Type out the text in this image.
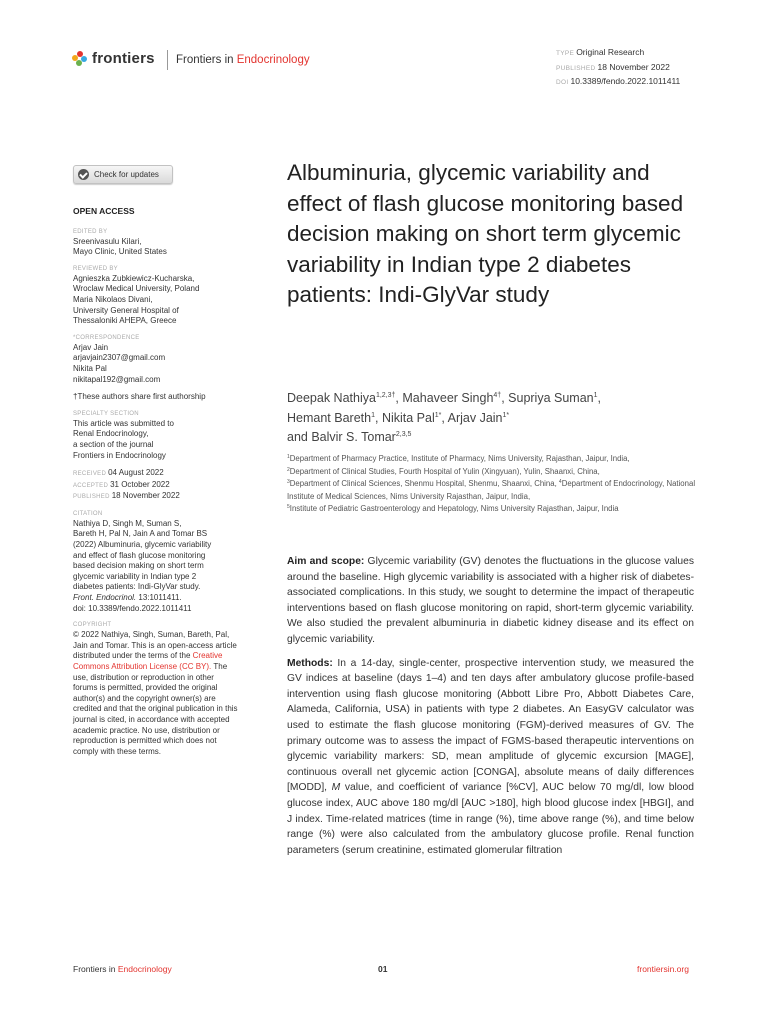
frontiers	Frontiers in Endocrinology
TYPE Original Research
PUBLISHED 18 November 2022
DOI 10.3389/fendo.2022.1011411
Check for updates
OPEN ACCESS
EDITED BY

Sreenivasulu Kilari,

Mayo Clinic, United States

REVIEWED BY

Agnieszka Zubkiewicz-Kucharska,

Wroclaw Medical University, Poland

Maria Nikolaos Divani,

University General Hospital of

Thessaloniki AHEPA, Greece

*CORRESPONDENCE

Arjav Jain

arjavjain2307@gmail.com

Nikita Pal

nikitapal192@gmail.com

†These authors share first authorship

SPECIALTY SECTION

This article was submitted to

Renal Endocrinology,

a section of the journal

Frontiers in Endocrinology

RECEIVED 04 August 2022

ACCEPTED 31 October 2022

PUBLISHED 18 November 2022

CITATION

Nathiya D, Singh M, Suman S,

Bareth H, Pal N, Jain A and Tomar BS

(2022) Albuminuria, glycemic variability

and effect of flash glucose monitoring

based decision making on short term

glycemic variability in Indian type 2

diabetes patients: Indi-GlyVar study.

Front. Endocrinol. 13:1011411.

doi: 10.3389/fendo.2022.1011411

COPYRIGHT

© 2022 Nathiya, Singh, Suman, Bareth, Pal, Jain and Tomar. This is an open-access article distributed under the terms of the Creative Commons Attribution License (CC BY). The use, distribution or reproduction in other forums is permitted, provided the original author(s) and the copyright owner(s) are credited and that the original publication in this journal is cited, in accordance with accepted academic practice. No use, distribution or reproduction is permitted which does not comply with these terms.

Albuminuria, glycemic variability and effect of flash glucose monitoring based decision making on short term glycemic variability in Indian type 2 diabetes patients: Indi-GlyVar study
Deepak Nathiya$^{1,2,3\dagger}$, Mahaveer Singh$^{4\dagger}$, Supriya Suman$^1$,
Hemant Bareth$^1$, Nikita Pal$^{1*}$, Arjav Jain$^{1*}$
and Balvir S. Tomar$^{2,3,5}$
$^1$Department of Pharmacy Practice, Institute of Pharmacy, Nims University, Rajasthan, Jaipur, India,
$^2$Department of Clinical Studies, Fourth Hospital of Yulin (Xingyuan), Yulin, Shaanxi, China,
$^3$Department of Clinical Sciences, Shenmu Hospital, Shenmu, Shaanxi, China, $^4$Department of Endocrinology, National Institute of Medical Sciences, Nims University Rajasthan, Jaipur, India,
$^5$Institute of Pediatric Gastroenterology and Hepatology, Nims University Rajasthan, Jaipur, India

Aim and scope: Glycemic variability (GV) denotes the fluctuations in the glucose values around the baseline. High glycemic variability is associated with a higher risk of diabetes-associated complications. In this study, we sought to determine the impact of therapeutic interventions based on flash glucose monitoring on rapid, short-term glycemic variability. We also studied the prevalent albuminuria in diabetic kidney disease and its effect on glycemic variability.

Methods: In a 14-day, single-center, prospective intervention study, we measured the GV indices at baseline (days 1–4) and ten days after ambulatory glucose profile-based intervention using flash glucose monitoring (Abbott Libre Pro, Abbott Diabetes Care, Alameda, California, USA) in patients with type 2 diabetes. An EasyGV calculator was used to estimate the flash glucose monitoring (FGM)-derived measures of GV. The primary outcome was to assess the impact of FGMS-based therapeutic interventions on glycemic variability markers: SD, mean amplitude of glycemic excursion [MAGE], continuous overall net glycemic action [CONGA], absolute means of daily differences [MODD], M value, and coefficient of variance [%CV], AUC below 70 mg/dl, low blood glucose index, AUC above 180 mg/dl [AUC >180], high blood glucose index [HBGI], and J index. Time-related matrices (time in range (%), time above range (%), and time below range (%) were also calculated from the ambulatory glucose profile. Renal function parameters (serum creatinine, estimated glomerular filtration

Frontiers in Endocrinology	01	frontiersin.org
